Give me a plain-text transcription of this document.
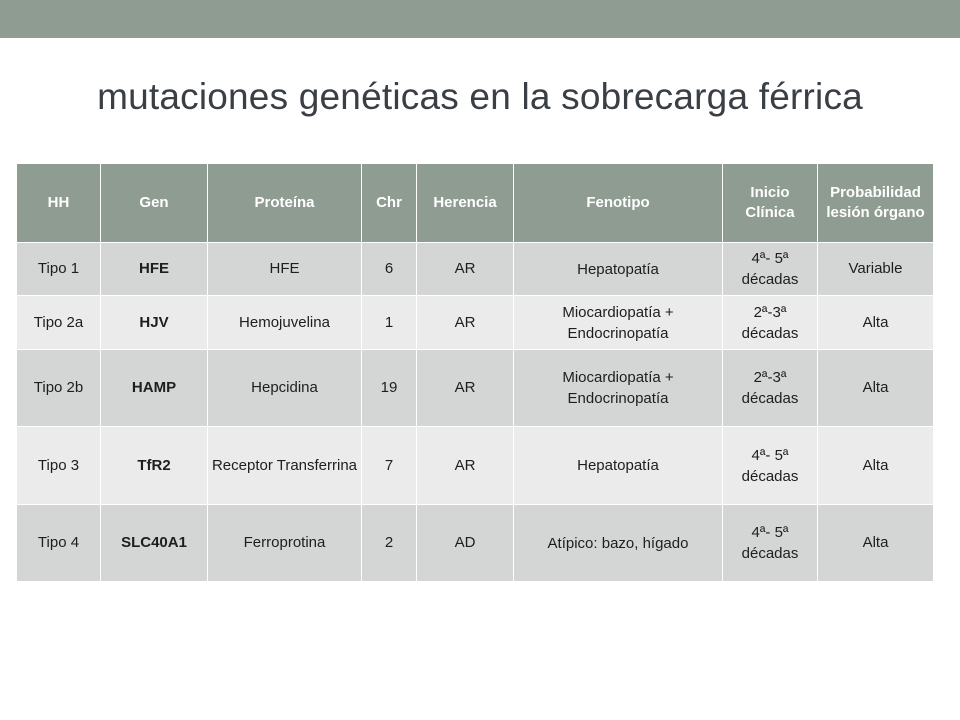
mutaciones genéticas en la sobrecarga férrica
HH	Gen	Proteína	Chr	Herencia	Fenotipo	Inicio Clínica	Probabilidad lesión órgano
Tipo 1	HFE	HFE	6	AR	Hepatopatía	4ª- 5ª décadas	Variable
Tipo 2a	HJV	Hemojuvelina	1	AR	Miocardiopatía + Endocrinopatía	2ª-3ª décadas	Alta
Tipo 2b	HAMP	Hepcidina	19	AR	Miocardiopatía + Endocrinopatía	2ª-3ª décadas	Alta
Tipo 3	TfR2	Receptor Transferrina	7	AR	Hepatopatía	4ª- 5ª décadas	Alta
Tipo 4	SLC40A1	Ferroprotina	2	AD	Atípico: bazo, hígado	4ª- 5ª décadas	Alta
